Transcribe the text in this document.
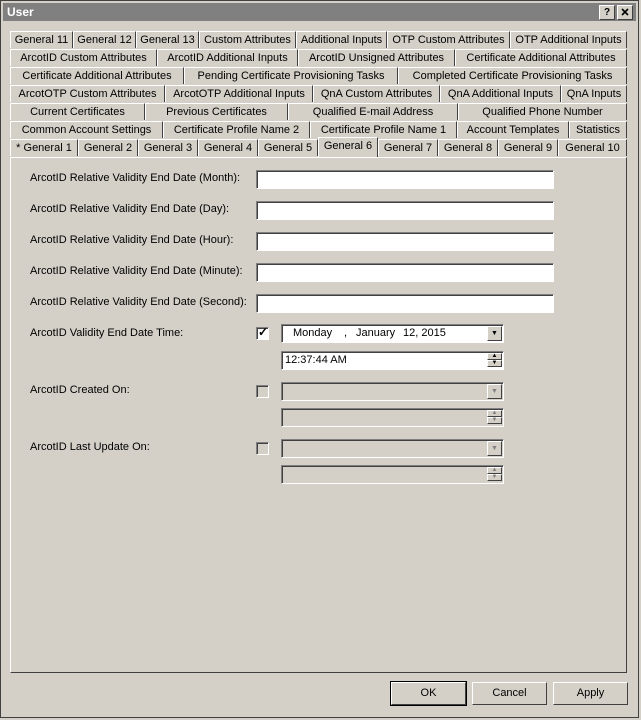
User	?
General 11 General 12 General 13 Custom Attributes Additional Inputs OTP Custom Attributes OTP Additional Inputs
ArcotID Custom Attributes	ArcotID Additional Inputs	ArcotID Unsigned Attributes	Certificate Additional Attributes
Certificate Additional Attributes	Pending Certificate Provisioning Tasks	Completed Certificate Provisioning Tasks
ArcotOTP Custom Attributes	ArcotOTP Additional Inputs	QnA Custom Attributes	QnA Additional Inputs	QnA Inputs
Current Certificates	Previous Certificates	Qualified E-mail Address	Qualified Phone Number
Common Account Settings	Certificate Profile Name 2	Certificate Profile Name 1	Account Templates	Statistics
* General 1	General 2	General 3	General 4	General 5	General 6	General 7	General 8	General 9	General 10
ArcotID Relative Validity End Date (Month):
ArcotID Relative Validity End Date (Day):
ArcotID Relative Validity End Date (Hour):
ArcotID Relative Validity End Date (Minute):
ArcotID Relative Validity End Date (Second):
ArcotID Validity End Date Time:	✓ Monday , January 12, 2015	▼
12:37:44 AM	▲
▼
ArcotID Created On:	▼
▲
▼
ArcotID Last Update On:	▼
▲
▼
OK	Cancel	Apply
